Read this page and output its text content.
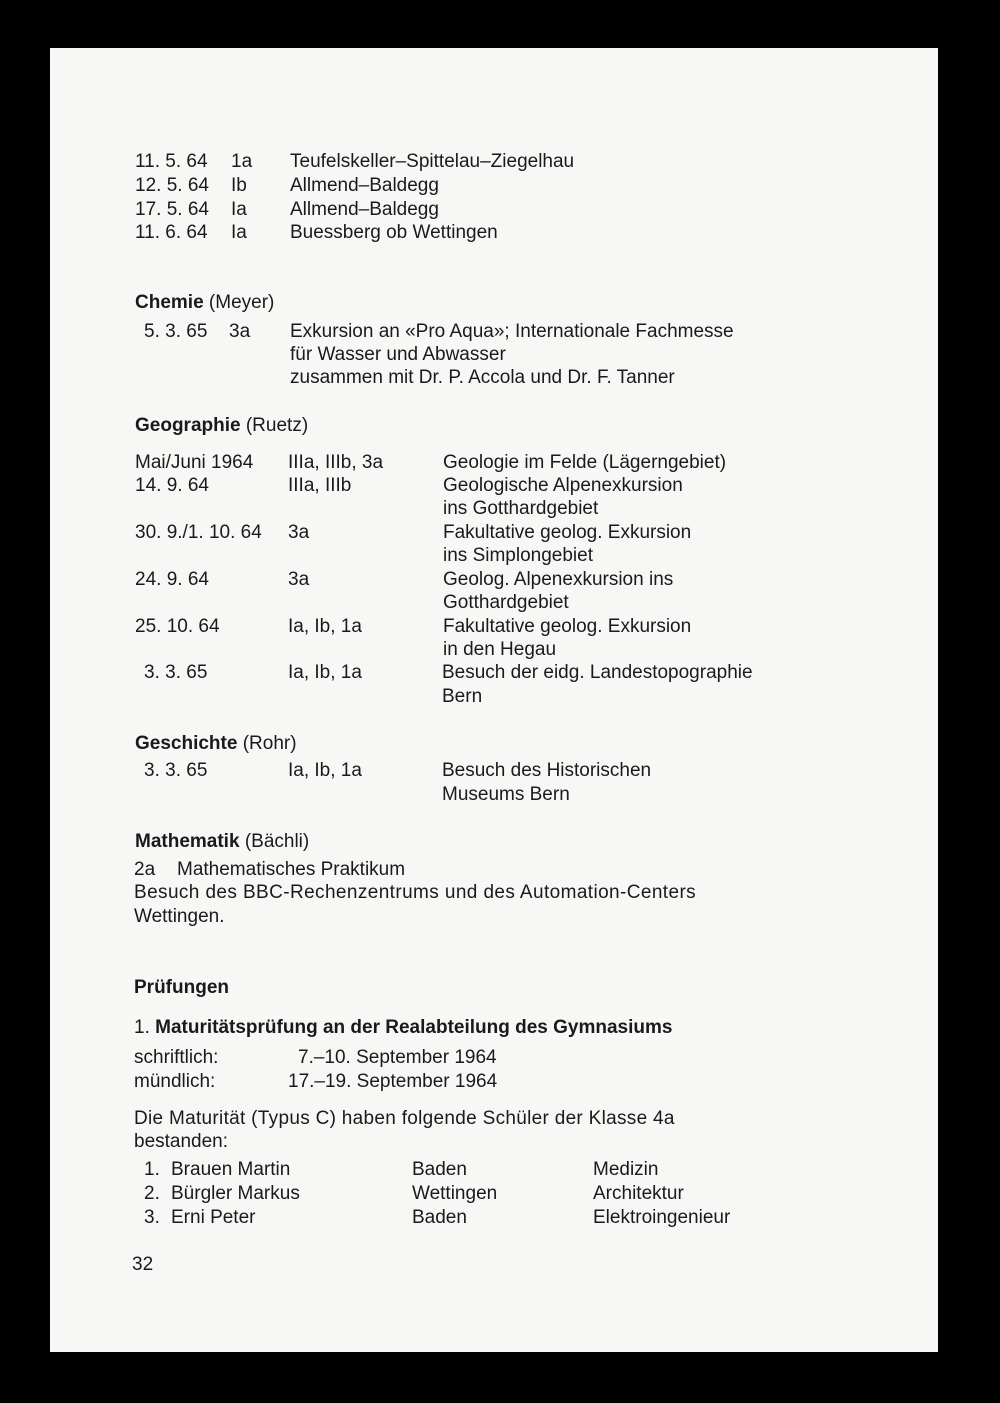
11. 5. 64 1a Teufelskeller–Spittelau–Ziegelhau
12. 5. 64 Ib Allmend–Baldegg
17. 5. 64 Ia Allmend–Baldegg
11. 6. 64 Ia Buessberg ob Wettingen
Chemie (Meyer)
5. 3. 65 3a Exkursion an «Pro Aqua»; Internationale Fachmesse
für Wasser und Abwasser
zusammen mit Dr. P. Accola und Dr. F. Tanner
Geographie (Ruetz)
Mai/Juni 1964 IIIa, IIIb, 3a	Geologie im Felde (Lägerngebiet)
14. 9. 64	IIIa, IIIb	Geologische Alpenexkursion
ins Gotthardgebiet
30. 9./1. 10. 64 3a	Fakultative geolog. Exkursion
ins Simplongebiet
24. 9. 64	3a	Geolog. Alpenexkursion ins
Gotthardgebiet
25. 10. 64	Ia, Ib, 1a	Fakultative geolog. Exkursion
in den Hegau
3. 3. 65	Ia, Ib, 1a	Besuch der eidg. Landestopographie
Bern
Geschichte (Rohr)
3. 3. 65	Ia, Ib, 1a	Besuch des Historischen
Museums Bern
Mathematik (Bächli)
2a Mathematisches Praktikum
Besuch des BBC-Rechenzentrums und des Automation-Centers
Wettingen.
Prüfungen
1. Maturitätsprüfung an der Realabteilung des Gymnasiums
schriftlich:	7.–10. September 1964
mündlich:	17.–19. September 1964
Die Maturität (Typus C) haben folgende Schüler der Klasse 4a
bestanden:
1. Brauen Martin	Baden	Medizin
2. Bürgler Markus	Wettingen	Architektur
3. Erni Peter	Baden	Elektroingenieur
32
